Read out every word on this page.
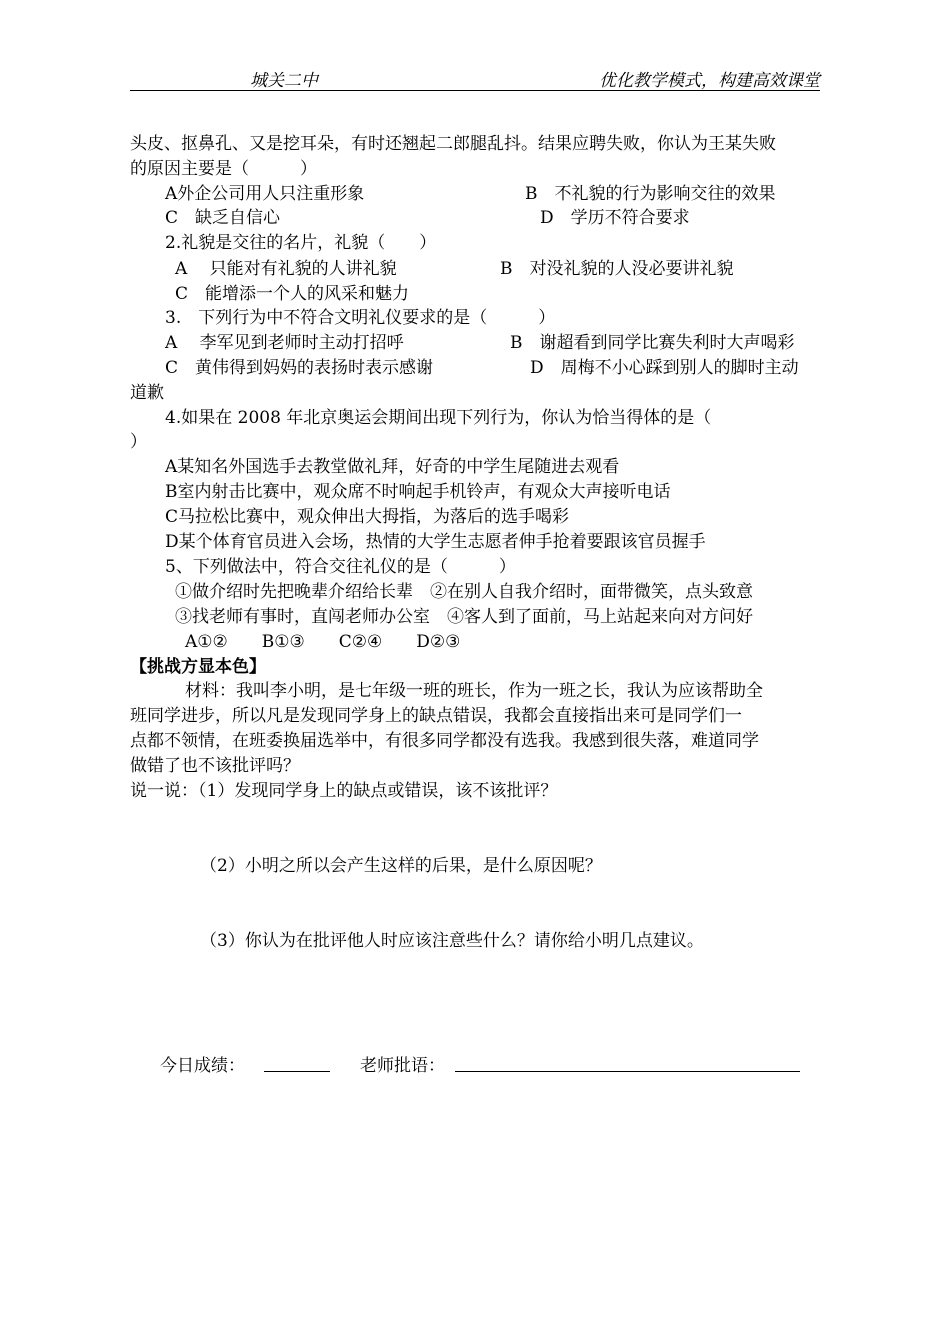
城关二中	优化教学模式，构建高效课堂
头皮、抠鼻孔、又是挖耳朵，有时还翘起二郎腿乱抖。结果应聘失败，你认为王某失败
的原因主要是（　　　）
A外企公司用人只注重形象	B　不礼貌的行为影响交往的效果
C　缺乏自信心	D　学历不符合要求
2.礼貌是交往的名片，礼貌（　　）
A　 只能对有礼貌的人讲礼貌	B　对没礼貌的人没必要讲礼貌
C　能增添一个人的风采和魅力
3.　下列行为中不符合文明礼仪要求的是（　　　）
A　 李军见到老师时主动打招呼	B　谢超看到同学比赛失利时大声喝彩
C　黄伟得到妈妈的表扬时表示感谢	D　周梅不小心踩到别人的脚时主动
道歉
4.如果在 2008 年北京奥运会期间出现下列行为，你认为恰当得体的是（
）
A某知名外国选手去教堂做礼拜，好奇的中学生尾随进去观看
B室内射击比赛中，观众席不时响起手机铃声，有观众大声接听电话
C马拉松比赛中，观众伸出大拇指，为落后的选手喝彩
D某个体育官员进入会场，热情的大学生志愿者伸手抢着要跟该官员握手
5、下列做法中，符合交往礼仪的是（　　　）
①做介绍时先把晚辈介绍给长辈　②在别人自我介绍时，面带微笑，点头致意
③找老师有事时，直闯老师办公室　④客人到了面前，马上站起来向对方问好
A①②　　B①③　　C②④　　D②③
【挑战方显本色】
材料：我叫李小明，是七年级一班的班长，作为一班之长，我认为应该帮助全
班同学进步，所以凡是发现同学身上的缺点错误，我都会直接指出来可是同学们一
点都不领情，在班委换届选举中，有很多同学都没有选我。我感到很失落，难道同学
做错了也不该批评吗？
说一说：（1）发现同学身上的缺点或错误，该不该批评？
（2）小明之所以会产生这样的后果，是什么原因呢？
（3）你认为在批评他人时应该注意些什么？请你给小明几点建议。
今日成绩：	老师批语：
